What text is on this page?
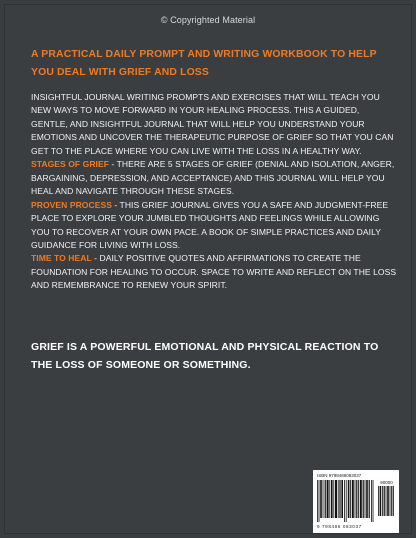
© Copyrighted Material
A PRACTICAL DAILY PROMPT AND WRITING WORKBOOK TO HELP YOU DEAL WITH GRIEF AND LOSS

INSIGHTFUL JOURNAL WRITING PROMPTS AND EXERCISES THAT WILL TEACH YOU NEW WAYS TO MOVE FORWARD IN YOUR HEALING PROCESS. THIS A GUIDED, GENTLE, AND INSIGHTFUL JOURNAL THAT WILL HELP YOU UNDERSTAND YOUR EMOTIONS AND UNCOVER THE THERAPEUTIC PURPOSE OF GRIEF SO THAT YOU CAN GET TO THE PLACE WHERE YOU CAN LIVE WITH THE LOSS IN A HEALTHY WAY.

STAGES OF GRIEF - THERE ARE 5 STAGES OF GRIEF (DENIAL AND ISOLATION, ANGER, BARGAINING, DEPRESSION, AND ACCEPTANCE) AND THIS JOURNAL WILL HELP YOU HEAL AND NAVIGATE THROUGH THESE STAGES.

PROVEN PROCESS - THIS GRIEF JOURNAL GIVES YOU A SAFE AND JUDGMENT-FREE PLACE TO EXPLORE YOUR JUMBLED THOUGHTS AND FEELINGS WHILE ALLOWING YOU TO RECOVER AT YOUR OWN PACE. A BOOK OF SIMPLE PRACTICES AND DAILY GUIDANCE FOR LIVING WITH LOSS.

TIME TO HEAL - DAILY POSITIVE QUOTES AND AFFIRMATIONS TO CREATE THE FOUNDATION FOR HEALING TO OCCUR. SPACE TO WRITE AND REFLECT ON THE LOSS AND REMEMBRANCE TO RENEW YOUR SPIRIT.

GRIEF IS A POWERFUL EMOTIONAL AND PHYSICAL REACTION TO THE LOSS OF SOMEONE OR SOMETHING.
ISBN 9798486083037
90000
9 798486 083037
